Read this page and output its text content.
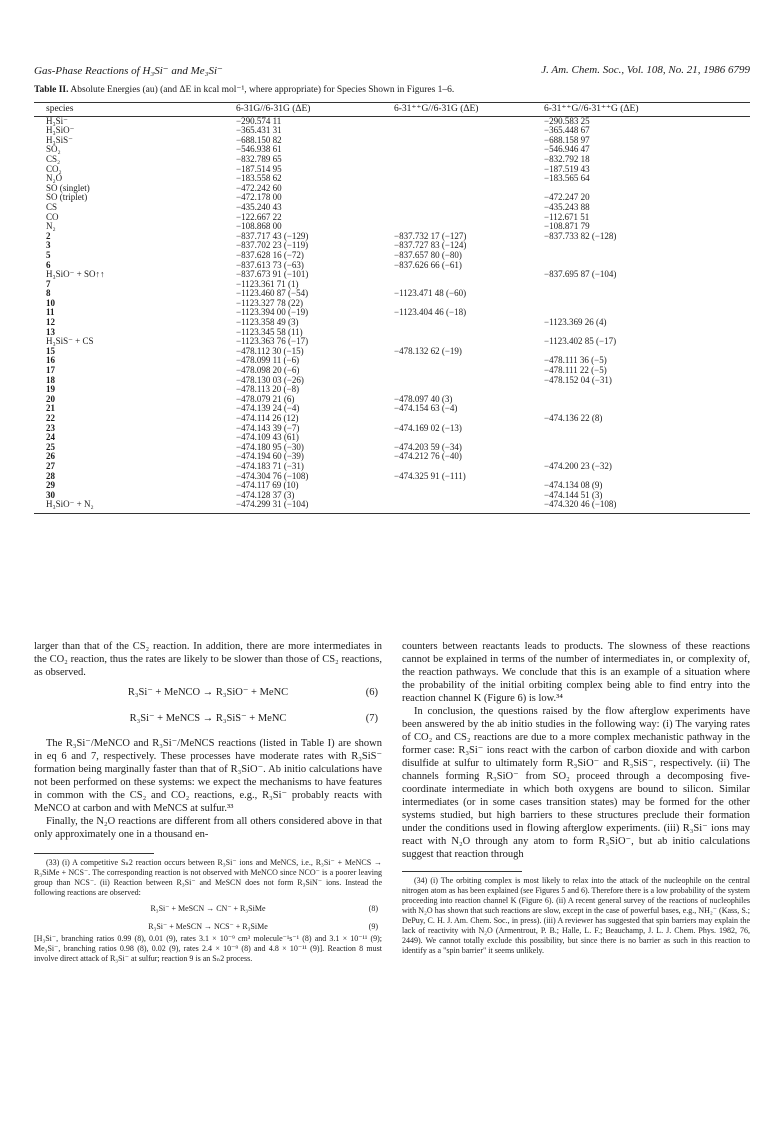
Gas-Phase Reactions of H₃Si⁻ and Me₃Si⁻	J. Am. Chem. Soc., Vol. 108, No. 21, 1986 6799
Table II. Absolute Energies (au) (and ΔE in kcal mol⁻¹, where appropriate) for Species Shown in Figures 1–6.
species	6-31G//6-31G (ΔE)	6-31⁺⁺G//6-31G (ΔE)	6-31⁺⁺G//6-31⁺⁺G (ΔE)
H₃Si⁻	−290.574 11		−290.583 25
H₃SiO⁻	−365.431 31		−365.448 67
H₃SiS⁻	−688.150 82		−688.158 97
SO₂	−546.938 61		−546.946 47
CS₂	−832.789 65		−832.792 18
CO₂	−187.514 95		−187.519 43
N₂O	−183.558 62		−183.565 64
SO (singlet)	−472.242 60		
SO (triplet)	−472.178 00		−472.247 20
CS	−435.240 43		−435.243 88
CO	−122.667 22		−112.671 51
N₂	−108.868 00		−108.871 79
2	−837.717 43 (−129)	−837.732 17 (−127)	−837.733 82 (−128)
3	−837.702 23 (−119)	−837.727 83 (−124)	
5	−837.628 16 (−72)	−837.657 80 (−80)	
6	−837.613 73 (−63)	−837.626 66 (−61)	
H₃SiO⁻ + SO↑↑	−837.673 91 (−101)		−837.695 87 (−104)
7	−1123.361 71 (1)		
8	−1123.460 87 (−54)	−1123.471 48 (−60)	
10	−1123.327 78 (22)		
11	−1123.394 00 (−19)	−1123.404 46 (−18)	
12	−1123.358 49 (3)		−1123.369 26 (4)
13	−1123.345 58 (11)		
H₃SiS⁻ + CS	−1123.363 76 (−17)		−1123.402 85 (−17)
15	−478.112 30 (−15)	−478.132 62 (−19)	
16	−478.099 11 (−6)		−478.111 36 (−5)
17	−478.098 20 (−6)		−478.111 22 (−5)
18	−478.130 03 (−26)		−478.152 04 (−31)
19	−478.113 20 (−8)		
20	−478.079 21 (6)	−478.097 40 (3)	
21	−474.139 24 (−4)	−474.154 63 (−4)	
22	−474.114 26 (12)		−474.136 22 (8)
23	−474.143 39 (−7)	−474.169 02 (−13)	
24	−474.109 43 (61)		
25	−474.180 95 (−30)	−474.203 59 (−34)	
26	−474.194 60 (−39)	−474.212 76 (−40)	
27	−474.183 71 (−31)		−474.200 23 (−32)
28	−474.304 76 (−108)	−474.325 91 (−111)	
29	−474.117 69 (10)		−474.134 08 (9)
30	−474.128 37 (3)		−474.144 51 (3)
H₃SiO⁻ + N₂	−474.299 31 (−104)		−474.320 46 (−108)

larger than that of the CS₂ reaction. In addition, there are more intermediates in the CO₂ reaction, thus the rates are likely to be slower than those of CS₂ reactions, as observed.

R₃Si⁻ + MeNCO → R₃SiO⁻ + MeNC	(6)
R₃Si⁻ + MeNCS → R₃SiS⁻ + MeNC	(7)

The R₃Si⁻/MeNCO and R₃Si⁻/MeNCS reactions (listed in Table I) are shown in eq 6 and 7, respectively. These processes have moderate rates with R₃SiS⁻ formation being marginally faster than that of R₃SiO⁻. Ab initio calculations have not been performed on these systems: we expect the mechanisms to have features in common with the CS₂ and CO₂ reactions, e.g., R₃Si⁻ probably reacts with MeNCO at carbon and with MeNCS at sulfur.³³

Finally, the N₂O reactions are different from all others considered above in that only approximately one in a thousand en-

(33) (i) A competitive Sₙ2 reaction occurs between R₃Si⁻ ions and MeNCS, i.e., R₃Si⁻ + MeNCS → R₃SiMe + NCS⁻. The corresponding reaction is not observed with MeNCO since NCO⁻ is a poorer leaving group than NCS⁻. (ii) Reaction between R₃Si⁻ and MeSCN does not form R₃SiN⁻ ions. Instead the following reactions are observed:

R₃Si⁻ + MeSCN → CN⁻ + R₃SiMe	(8)
R₃Si⁻ + MeSCN → NCS⁻ + R₃SiMe	(9)

[H₃Si⁻, branching ratios 0.99 (8), 0.01 (9), rates 3.1 × 10⁻⁹ cm³ molecule⁻¹s⁻¹ (8) and 3.1 × 10⁻¹¹ (9); Me₃Si⁻, branching ratios 0.98 (8), 0.02 (9), rates 2.4 × 10⁻⁹ (8) and 4.8 × 10⁻¹¹ (9)]. Reaction 8 must involve direct attack of R₃Si⁻ at sulfur; reaction 9 is an Sₙ2 process.

counters between reactants leads to products. The slowness of these reactions cannot be explained in terms of the number of intermediates in, or complexity of, the reaction pathways. We conclude that this is an example of a situation where the probability of the initial orbiting complex being able to find entry into the reaction channel K (Figure 6) is low.³⁴

In conclusion, the questions raised by the flow afterglow experiments have been answered by the ab initio studies in the following way: (i) The varying rates of CO₂ and CS₂ reactions are due to a more complex mechanistic pathway in the former case: R₃Si⁻ ions react with the carbon of carbon dioxide and with carbon disulfide at sulfur to ultimately form R₃SiO⁻ and R₃SiS⁻, respectively. (ii) The channels forming R₃SiO⁻ from SO₂ proceed through a decomposing five-coordinate intermediate in which both oxygens are bound to silicon. Similar intermediates (or in some cases transition states) may be formed for the other systems studied, but high barriers to these structures preclude their formation under the conditions used in flowing afterglow experiments. (iii) R₃Si⁻ ions may react with N₂O through any atom to form R₃SiO⁻, but ab initio calculations suggest that reaction through

(34) (i) The orbiting complex is most likely to relax into the attack of the nucleophile on the central nitrogen atom as has been explained (see Figures 5 and 6). Therefore there is a low probability of the system proceeding into reaction channel K (Figure 6). (ii) A recent general survey of the reactions of nucleophiles with N₂O has shown that such reactions are slow, except in the case of powerful bases, e.g., NH₂⁻ (Kass, S.; DePuy, C. H. J. Am. Chem. Soc., in press). (iii) A reviewer has suggested that spin barriers may explain the lack of reactivity with N₂O (Armentrout, P. B.; Halle, L. F.; Beauchamp, J. L. J. Chem. Phys. 1982, 76, 2449). We cannot totally exclude this possibility, but since there is no barrier as such in this reaction to identify as a "spin barrier" it seems unlikely.
